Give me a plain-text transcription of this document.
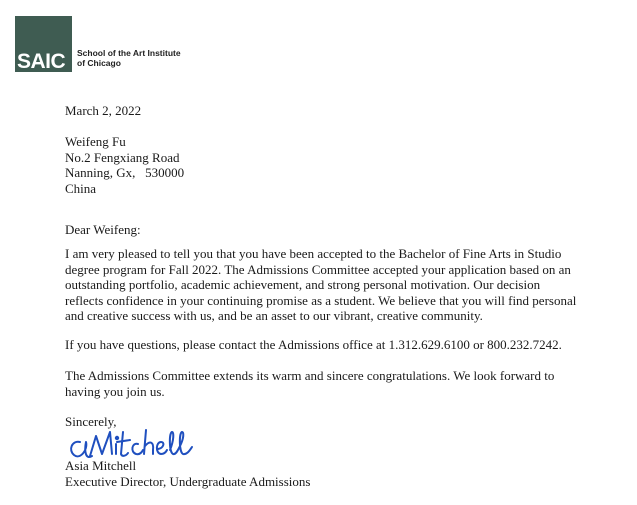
SAIC School of the Art Institute
of Chicago
March 2, 2022
Weifeng Fu
No.2 Fengxiang Road
Nanning, Gx,   530000
China
Dear Weifeng:
I am very pleased to tell you that you have been accepted to the Bachelor of Fine Arts in Studio
degree program for Fall 2022. The Admissions Committee accepted your application based on an
outstanding portfolio, academic achievement, and strong personal motivation. Our decision
reflects confidence in your continuing promise as a student. We believe that you will find personal
and creative success with us, and be an asset to our vibrant, creative community.
If you have questions, please contact the Admissions office at 1.312.629.6100 or 800.232.7242.
The Admissions Committee extends its warm and sincere congratulations. We look forward to
having you join us.
Sincerely,
Asia Mitchell
Executive Director, Undergraduate Admissions
